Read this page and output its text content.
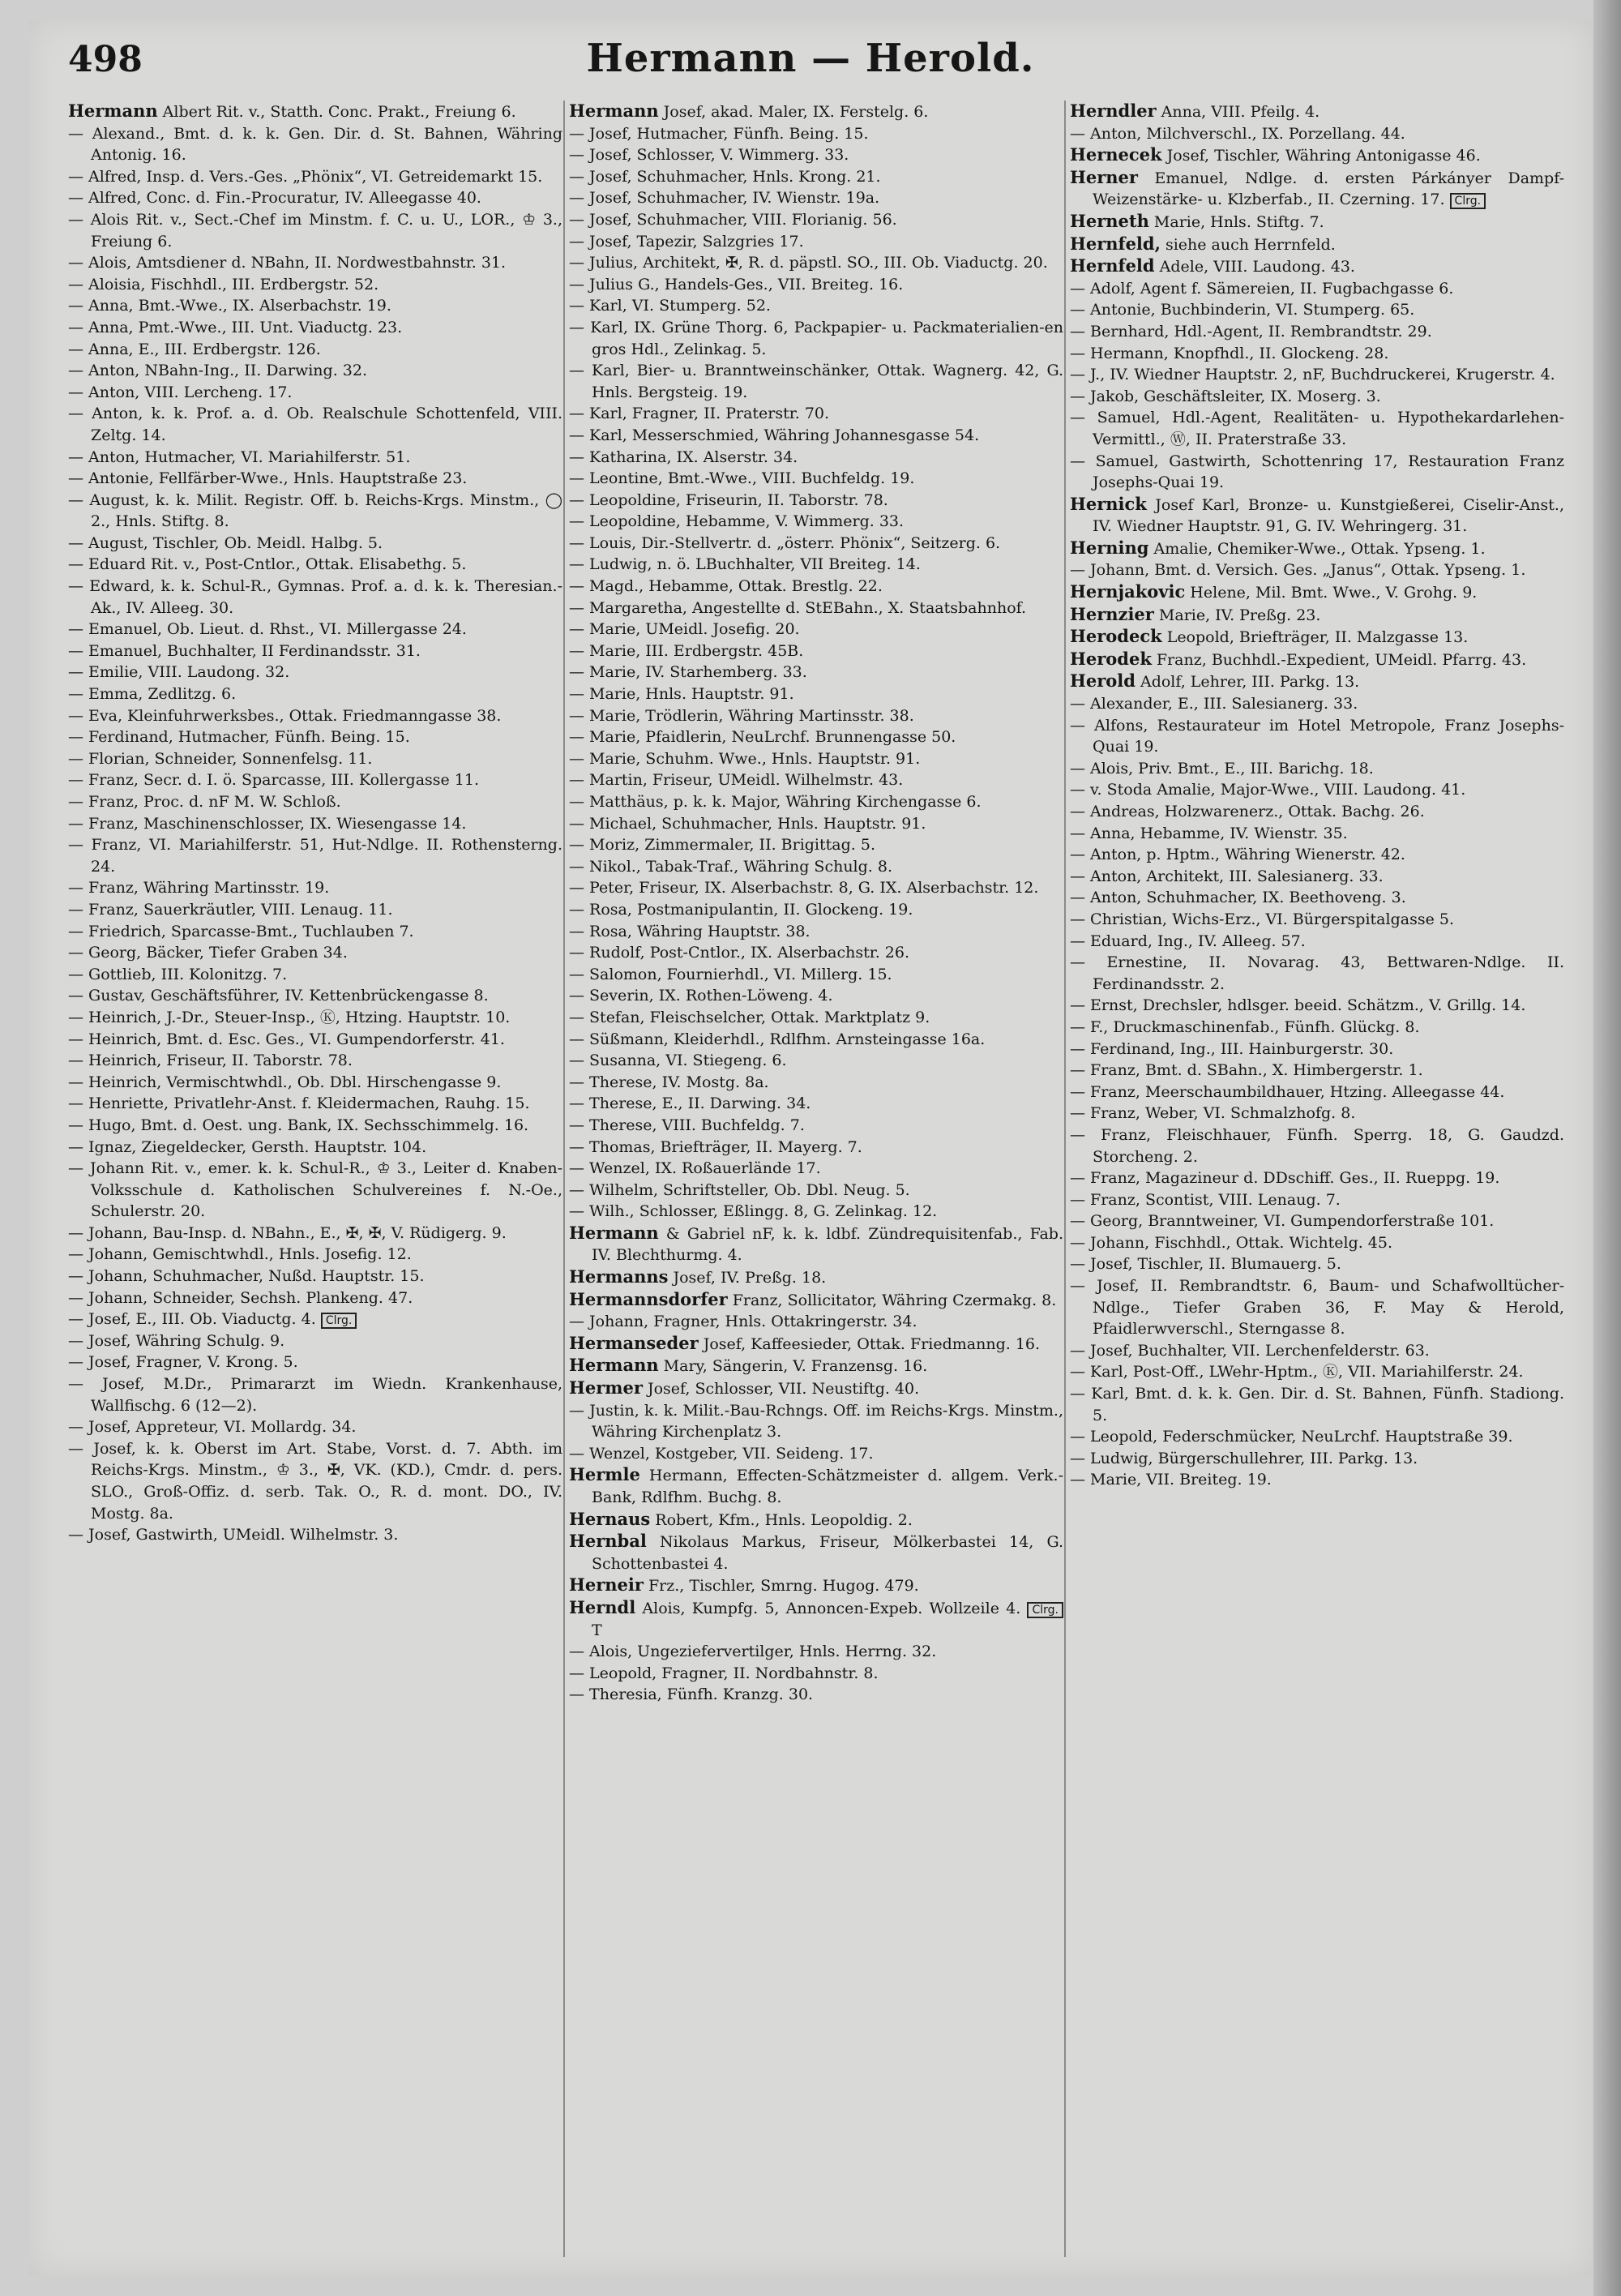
498	Hermann — Herold.

Hermann Albert Rit. v., Statth. Conc. Prakt., Freiung 6.

— Alexand., Bmt. d. k. k. Gen. Dir. d. St. Bahnen, Währing Antonig. 16.

— Alfred, Insp. d. Vers.-Ges. „Phönix“, VI. Getreidemarkt 15.

— Alfred, Conc. d. Fin.-Procuratur, IV. Alleegasse 40.

— Alois Rit. v., Sect.-Chef im Minstm. f. C. u. U., LOR., ♔ 3., Freiung 6.

— Alois, Amtsdiener d. NBahn, II. Nordwestbahnstr. 31.

— Aloisia, Fischhdl., III. Erdbergstr. 52.

— Anna, Bmt.-Wwe., IX. Alserbachstr. 19.

— Anna, Pmt.-Wwe., III. Unt. Viaductg. 23.

— Anna, E., III. Erdbergstr. 126.

— Anton, NBahn-Ing., II. Darwing. 32.

— Anton, VIII. Lercheng. 17.

— Anton, k. k. Prof. a. d. Ob. Realschule Schottenfeld, VIII. Zeltg. 14.

— Anton, Hutmacher, VI. Mariahilferstr. 51.

— Antonie, Fellfärber-Wwe., Hnls. Hauptstraße 23.

— August, k. k. Milit. Registr. Off. b. Reichs-Krgs. Minstm., ◯ 2., Hnls. Stiftg. 8.

— August, Tischler, Ob. Meidl. Halbg. 5.

— Eduard Rit. v., Post-Cntlor., Ottak. Elisabethg. 5.

— Edward, k. k. Schul-R., Gymnas. Prof. a. d. k. k. Theresian.-Ak., IV. Alleeg. 30.

— Emanuel, Ob. Lieut. d. Rhst., VI. Millergasse 24.

— Emanuel, Buchhalter, II Ferdinandsstr. 31.

— Emilie, VIII. Laudong. 32.

— Emma, Zedlitzg. 6.

— Eva, Kleinfuhrwerksbes., Ottak. Friedmanngasse 38.

— Ferdinand, Hutmacher, Fünfh. Being. 15.

— Florian, Schneider, Sonnenfelsg. 11.

— Franz, Secr. d. I. ö. Sparcasse, III. Kollergasse 11.

— Franz, Proc. d. nF M. W. Schloß.

— Franz, Maschinenschlosser, IX. Wiesengasse 14.

— Franz, VI. Mariahilferstr. 51, Hut-Ndlge. II. Rothensterng. 24.

— Franz, Währing Martinsstr. 19.

— Franz, Sauerkräutler, VIII. Lenaug. 11.

— Friedrich, Sparcasse-Bmt., Tuchlauben 7.

— Georg, Bäcker, Tiefer Graben 34.

— Gottlieb, III. Kolonitzg. 7.

— Gustav, Geschäftsführer, IV. Kettenbrückengasse 8.

— Heinrich, J.-Dr., Steuer-Insp., Ⓚ, Htzing. Hauptstr. 10.

— Heinrich, Bmt. d. Esc. Ges., VI. Gumpendorferstr. 41.

— Heinrich, Friseur, II. Taborstr. 78.

— Heinrich, Vermischtwhdl., Ob. Dbl. Hirschengasse 9.

— Henriette, Privatlehr-Anst. f. Kleidermachen, Rauhg. 15.

— Hugo, Bmt. d. Oest. ung. Bank, IX. Sechsschimmelg. 16.

— Ignaz, Ziegeldecker, Gersth. Hauptstr. 104.

— Johann Rit. v., emer. k. k. Schul-R., ♔ 3., Leiter d. Knaben-Volksschule d. Katholischen Schulvereines f. N.-Oe., Schulerstr. 20.

— Johann, Bau-Insp. d. NBahn., E., ✠, ✠, V. Rüdigerg. 9.

— Johann, Gemischtwhdl., Hnls. Josefig. 12.

— Johann, Schuhmacher, Nußd. Hauptstr. 15.

— Johann, Schneider, Sechsh. Plankeng. 47.

— Josef, E., III. Ob. Viaductg. 4. Clrg.

— Josef, Währing Schulg. 9.

— Josef, Fragner, V. Krong. 5.

— Josef, M.Dr., Primararzt im Wiedn. Krankenhause, Wallfischg. 6 (12—2).

— Josef, Appreteur, VI. Mollardg. 34.

— Josef, k. k. Oberst im Art. Stabe, Vorst. d. 7. Abth. im Reichs-Krgs. Minstm., ♔ 3., ✠, VK. (KD.), Cmdr. d. pers. SLO., Groß-Offiz. d. serb. Tak. O., R. d. mont. DO., IV. Mostg. 8a.

— Josef, Gastwirth, UMeidl. Wilhelmstr. 3.

Hermann Josef, akad. Maler, IX. Ferstelg. 6.

— Josef, Hutmacher, Fünfh. Being. 15.

— Josef, Schlosser, V. Wimmerg. 33.

— Josef, Schuhmacher, Hnls. Krong. 21.

— Josef, Schuhmacher, IV. Wienstr. 19a.

— Josef, Schuhmacher, VIII. Florianig. 56.

— Josef, Tapezir, Salzgries 17.

— Julius, Architekt, ✠, R. d. päpstl. SO., III. Ob. Viaductg. 20.

— Julius G., Handels-Ges., VII. Breiteg. 16.

— Karl, VI. Stumperg. 52.

— Karl, IX. Grüne Thorg. 6, Packpapier- u. Packmaterialien-en gros Hdl., Zelinkag. 5.

— Karl, Bier- u. Branntweinschänker, Ottak. Wagnerg. 42, G. Hnls. Bergsteig. 19.

— Karl, Fragner, II. Praterstr. 70.

— Karl, Messerschmied, Währing Johannesgasse 54.

— Katharina, IX. Alserstr. 34.

— Leontine, Bmt.-Wwe., VIII. Buchfeldg. 19.

— Leopoldine, Friseurin, II. Taborstr. 78.

— Leopoldine, Hebamme, V. Wimmerg. 33.

— Louis, Dir.-Stellvertr. d. „österr. Phönix“, Seitzerg. 6.

— Ludwig, n. ö. LBuchhalter, VII Breiteg. 14.

— Magd., Hebamme, Ottak. Brestlg. 22.

— Margaretha, Angestellte d. StEBahn., X. Staatsbahnhof.

— Marie, UMeidl. Josefig. 20.

— Marie, III. Erdbergstr. 45B.

— Marie, IV. Starhemberg. 33.

— Marie, Hnls. Hauptstr. 91.

— Marie, Trödlerin, Währing Martinsstr. 38.

— Marie, Pfaidlerin, NeuLrchf. Brunnengasse 50.

— Marie, Schuhm. Wwe., Hnls. Hauptstr. 91.

— Martin, Friseur, UMeidl. Wilhelmstr. 43.

— Matthäus, p. k. k. Major, Währing Kirchengasse 6.

— Michael, Schuhmacher, Hnls. Hauptstr. 91.

— Moriz, Zimmermaler, II. Brigittag. 5.

— Nikol., Tabak-Traf., Währing Schulg. 8.

— Peter, Friseur, IX. Alserbachstr. 8, G. IX. Alserbachstr. 12.

— Rosa, Postmanipulantin, II. Glockeng. 19.

— Rosa, Währing Hauptstr. 38.

— Rudolf, Post-Cntlor., IX. Alserbachstr. 26.

— Salomon, Fournierhdl., VI. Millerg. 15.

— Severin, IX. Rothen-Löweng. 4.

— Stefan, Fleischselcher, Ottak. Marktplatz 9.

— Süßmann, Kleiderhdl., Rdlfhm. Arnsteingasse 16a.

— Susanna, VI. Stiegeng. 6.

— Therese, IV. Mostg. 8a.

— Therese, E., II. Darwing. 34.

— Therese, VIII. Buchfeldg. 7.

— Thomas, Briefträger, II. Mayerg. 7.

— Wenzel, IX. Roßauerlände 17.

— Wilhelm, Schriftsteller, Ob. Dbl. Neug. 5.

— Wilh., Schlosser, Eßlingg. 8, G. Zelinkag. 12.

Hermann & Gabriel nF, k. k. ldbf. Zündrequisitenfab., Fab. IV. Blechthurmg. 4.

Hermanns Josef, IV. Preßg. 18.

Hermannsdorfer Franz, Sollicitator, Währing Czermakg. 8.

— Johann, Fragner, Hnls. Ottakringerstr. 34.

Hermanseder Josef, Kaffeesieder, Ottak. Friedmanng. 16.

Hermann Mary, Sängerin, V. Franzensg. 16.

Hermer Josef, Schlosser, VII. Neustiftg. 40.

— Justin, k. k. Milit.-Bau-Rchngs. Off. im Reichs-Krgs. Minstm., Währing Kirchenplatz 3.

— Wenzel, Kostgeber, VII. Seideng. 17.

Hermle Hermann, Effecten-Schätzmeister d. allgem. Verk.-Bank, Rdlfhm. Buchg. 8.

Hernaus Robert, Kfm., Hnls. Leopoldig. 2.

Hernbal Nikolaus Markus, Friseur, Mölkerbastei 14, G. Schottenbastei 4.

Herneir Frz., Tischler, Smrng. Hugog. 479.

Herndl Alois, Kumpfg. 5, Annoncen-Expeb. Wollzeile 4. Clrg. T

— Alois, Ungeziefervertilger, Hnls. Herrng. 32.

— Leopold, Fragner, II. Nordbahnstr. 8.

— Theresia, Fünfh. Kranzg. 30.

Herndler Anna, VIII. Pfeilg. 4.

— Anton, Milchverschl., IX. Porzellang. 44.

Hernecek Josef, Tischler, Währing Antonigasse 46.

Herner Emanuel, Ndlge. d. ersten Párkányer Dampf-Weizenstärke- u. Klzberfab., II. Czerning. 17. Clrg.

Herneth Marie, Hnls. Stiftg. 7.

Hernfeld, siehe auch Herrnfeld.

Hernfeld Adele, VIII. Laudong. 43.

— Adolf, Agent f. Sämereien, II. Fugbachgasse 6.

— Antonie, Buchbinderin, VI. Stumperg. 65.

— Bernhard, Hdl.-Agent, II. Rembrandtstr. 29.

— Hermann, Knopfhdl., II. Glockeng. 28.

— J., IV. Wiedner Hauptstr. 2, nF, Buchdruckerei, Krugerstr. 4.

— Jakob, Geschäftsleiter, IX. Moserg. 3.

— Samuel, Hdl.-Agent, Realitäten- u. Hypothekardarlehen-Vermittl., Ⓦ, II. Praterstraße 33.

— Samuel, Gastwirth, Schottenring 17, Restauration Franz Josephs-Quai 19.

Hernick Josef Karl, Bronze- u. Kunstgießerei, Ciselir-Anst., IV. Wiedner Hauptstr. 91, G. IV. Wehringerg. 31.

Herning Amalie, Chemiker-Wwe., Ottak. Ypseng. 1.

— Johann, Bmt. d. Versich. Ges. „Janus“, Ottak. Ypseng. 1.

Hernjakovic Helene, Mil. Bmt. Wwe., V. Grohg. 9.

Hernzier Marie, IV. Preßg. 23.

Herodeck Leopold, Briefträger, II. Malzgasse 13.

Herodek Franz, Buchhdl.-Expedient, UMeidl. Pfarrg. 43.

Herold Adolf, Lehrer, III. Parkg. 13.

— Alexander, E., III. Salesianerg. 33.

— Alfons, Restaurateur im Hotel Metropole, Franz Josephs-Quai 19.

— Alois, Priv. Bmt., E., III. Barichg. 18.

— v. Stoda Amalie, Major-Wwe., VIII. Laudong. 41.

— Andreas, Holzwarenerz., Ottak. Bachg. 26.

— Anna, Hebamme, IV. Wienstr. 35.

— Anton, p. Hptm., Währing Wienerstr. 42.

— Anton, Architekt, III. Salesianerg. 33.

— Anton, Schuhmacher, IX. Beethoveng. 3.

— Christian, Wichs-Erz., VI. Bürgerspitalgasse 5.

— Eduard, Ing., IV. Alleeg. 57.

— Ernestine, II. Novarag. 43, Bettwaren-Ndlge. II. Ferdinandsstr. 2.

— Ernst, Drechsler, hdlsger. beeid. Schätzm., V. Grillg. 14.

— F., Druckmaschinenfab., Fünfh. Glückg. 8.

— Ferdinand, Ing., III. Hainburgerstr. 30.

— Franz, Bmt. d. SBahn., X. Himbergerstr. 1.

— Franz, Meerschaumbildhauer, Htzing. Alleegasse 44.

— Franz, Weber, VI. Schmalzhofg. 8.

— Franz, Fleischhauer, Fünfh. Sperrg. 18, G. Gaudzd. Storcheng. 2.

— Franz, Magazineur d. DDschiff. Ges., II. Rueppg. 19.

— Franz, Scontist, VIII. Lenaug. 7.

— Georg, Branntweiner, VI. Gumpendorferstraße 101.

— Johann, Fischhdl., Ottak. Wichtelg. 45.

— Josef, Tischler, II. Blumauerg. 5.

— Josef, II. Rembrandtstr. 6, Baum- und Schafwolltücher-Ndlge., Tiefer Graben 36, F. May & Herold, Pfaidlerwverschl., Sterngasse 8.

— Josef, Buchhalter, VII. Lerchenfelderstr. 63.

— Karl, Post-Off., LWehr-Hptm., Ⓚ, VII. Mariahilferstr. 24.

— Karl, Bmt. d. k. k. Gen. Dir. d. St. Bahnen, Fünfh. Stadiong. 5.

— Leopold, Federschmücker, NeuLrchf. Hauptstraße 39.

— Ludwig, Bürgerschullehrer, III. Parkg. 13.

— Marie, VII. Breiteg. 19.
